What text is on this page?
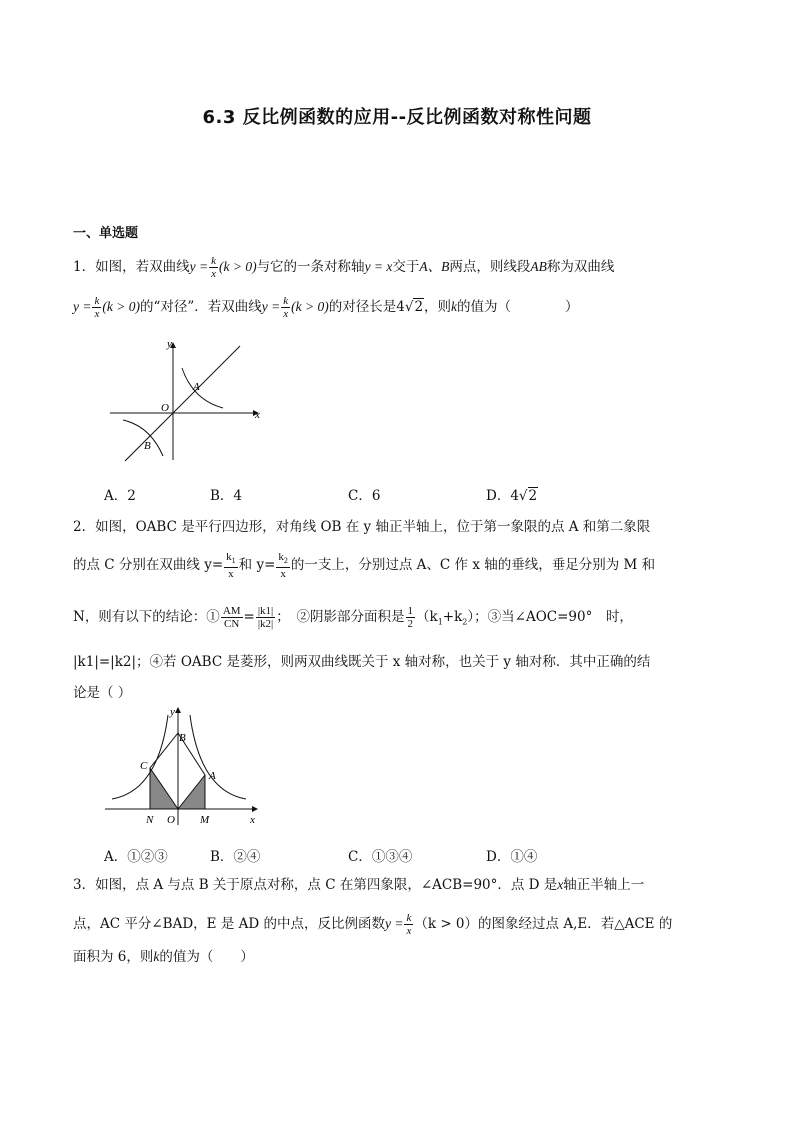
6.3 反比例函数的应用--反比例函数对称性问题
一、单选题
1．如图，若双曲线$y = \frac{k}{x} (k > 0)$与它的一条对称轴y = x交于A、B两点，则线段AB称为双曲线
$y = \frac{k}{x} (k > 0)$的“对径”．若双曲线$y = \frac{k}{x} (k > 0)$的对径长是4√2，则k的值为（　　　　）
y
x
O
A
B
A．2	B．4	C．6	D．4√2
2．如图，OABC 是平行四边形，对角线 OB 在 y 轴正半轴上，位于第一象限的点 A 和第二象限
的点 C 分别在双曲线 $y= \frac{k_1}{x}$ 和 $y= \frac{k_2}{x}$ 的一支上，分别过点 A、C 作 x 轴的垂线，垂足分别为 M 和
N，则有以下的结论：① $\frac{AM}{CN} = \frac{|k1|}{|k2|}$ ；　②阴影部分面积是 $\frac{1}{2} (k_1+k_2)$；③当∠AOC=90°　时，
|k1|=|k2|；④若 OABC 是菱形，则两双曲线既关于 x 轴对称，也关于 y 轴对称．其中正确的结
论是（ ）
y
x
O
B
C
A
N	M
A．①②③	B．②④	C．①③④	D．①④
3．如图，点 A 与点 B 关于原点对称，点 C 在第四象限，∠ACB=90°．点 D 是x轴正半轴上一
点，AC 平分∠BAD，E 是 AD 的中点，反比例函数$y = \frac{k}{x} (k > 0)$的图象经过点 A,E．若△ACE 的
面积为 6，则k的值为（　　）
